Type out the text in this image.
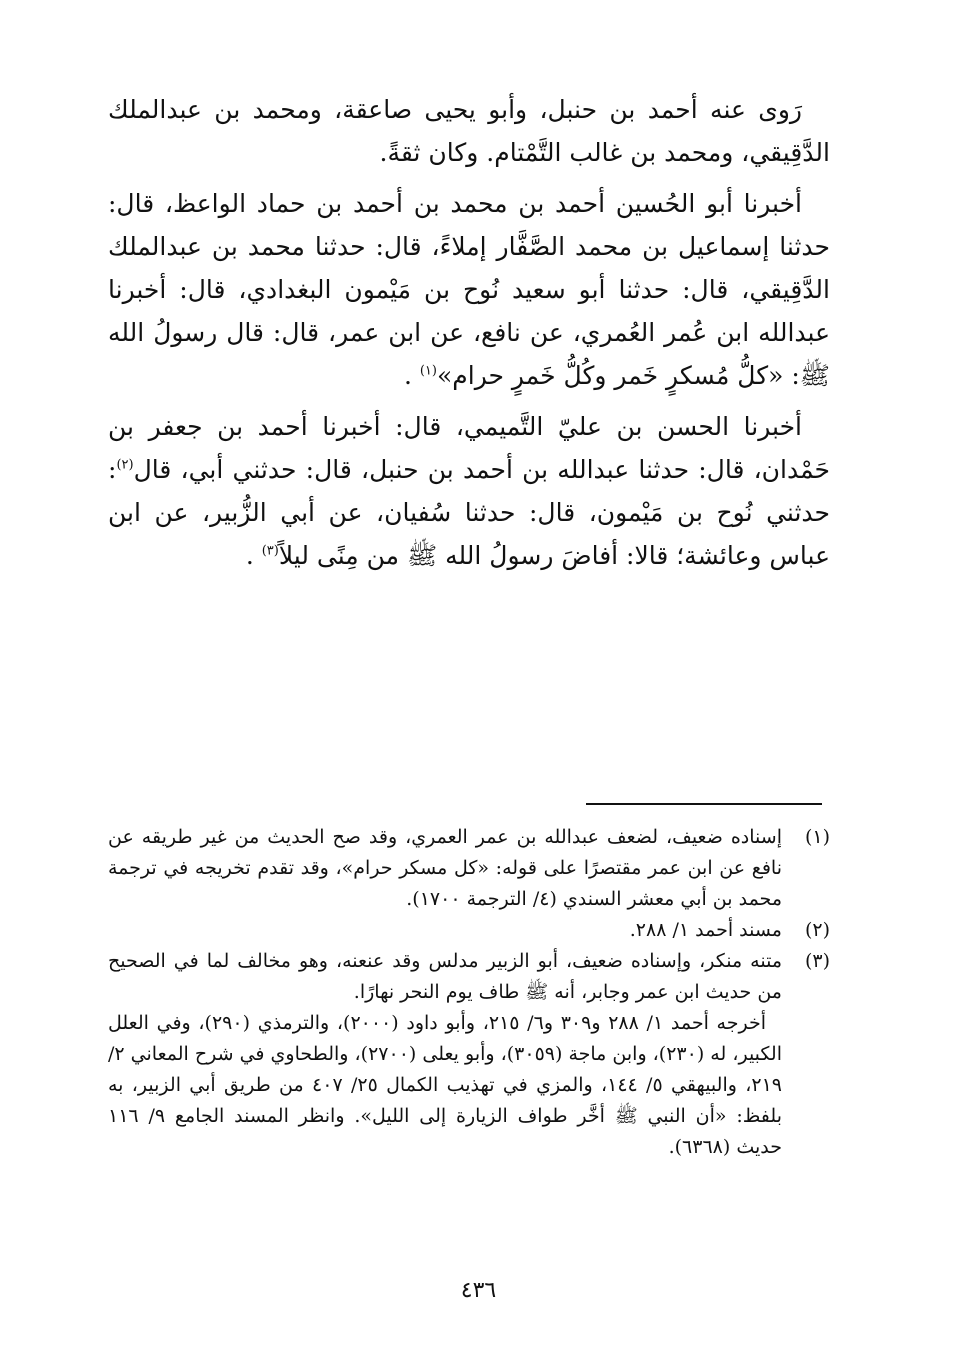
رَوى عنه أحمد بن حنبل، وأبو يحيى صاعقة، ومحمد بن عبدالملك الدَّقِيقي، ومحمد بن غالب التَّمْتام. وكان ثقةً.

أخبرنا أبو الحُسين أحمد بن محمد بن أحمد بن حماد الواعظ، قال: حدثنا إسماعيل بن محمد الصَّفَّار إملاءً، قال: حدثنا محمد بن عبدالملك الدَّقِيقي، قال: حدثنا أبو سعيد نُوح بن مَيْمون البغدادي، قال: أخبرنا عبدالله ابن عُمر العُمري، عن نافع، عن ابن عمر، قال: قال رسولُ الله ﷺ: «كلُّ مُسكرٍ خَمر وكُلُّ خَمرٍ حرام»$^{(١)}$ .

أخبرنا الحسن بن عليّ التَّميمي، قال: أخبرنا أحمد بن جعفر بن حَمْدان، قال: حدثنا عبدالله بن أحمد بن حنبل، قال: حدثني أبي، قال$^{(٢)}$: حدثني نُوح بن مَيْمون، قال: حدثنا سُفيان، عن أبي الزُّبير، عن ابن عباس وعائشة؛ قالا: أفاضَ رسولُ الله ﷺ من مِنًى ليلاً$^{(٣)}$ .

(١)
إسناده ضعيف، لضعف عبدالله بن عمر العمري، وقد صح الحديث من غير طريقه عن نافع عن ابن عمر مقتصرًا على قوله: «كل مسكر حرام»، وقد تقدم تخريجه في ترجمة محمد بن أبي معشر السندي (٤/ الترجمة ١٧٠٠).
(٢)
مسند أحمد ١/ ٢٨٨.
(٣)
متنه منكر، وإسناده ضعيف، أبو الزبير مدلس وقد عنعنه، وهو مخالف لما في الصحيح من حديث ابن عمر وجابر، أنه ﷺ طاف يوم النحر نهارًا.
أخرجه أحمد ١/ ٢٨٨ و٣٠٩ و٦/ ٢١٥، وأبو داود (٢٠٠٠)، والترمذي (٢٩٠)، وفي العلل الكبير، له (٢٣٠)، وابن ماجة (٣٠٥٩)، وأبو يعلى (٢٧٠٠)، والطحاوي في شرح المعاني ٢/ ٢١٩، والبيهقي ٥/ ١٤٤، والمزي في تهذيب الكمال ٢٥/ ٤٠٧ من طريق أبي الزبير، به بلفظ: «أن النبي ﷺ أخَّر طواف الزيارة إلى الليل». وانظر المسند الجامع ٩/ ١١٦ حديث (٦٣٦٨).
٤٣٦
